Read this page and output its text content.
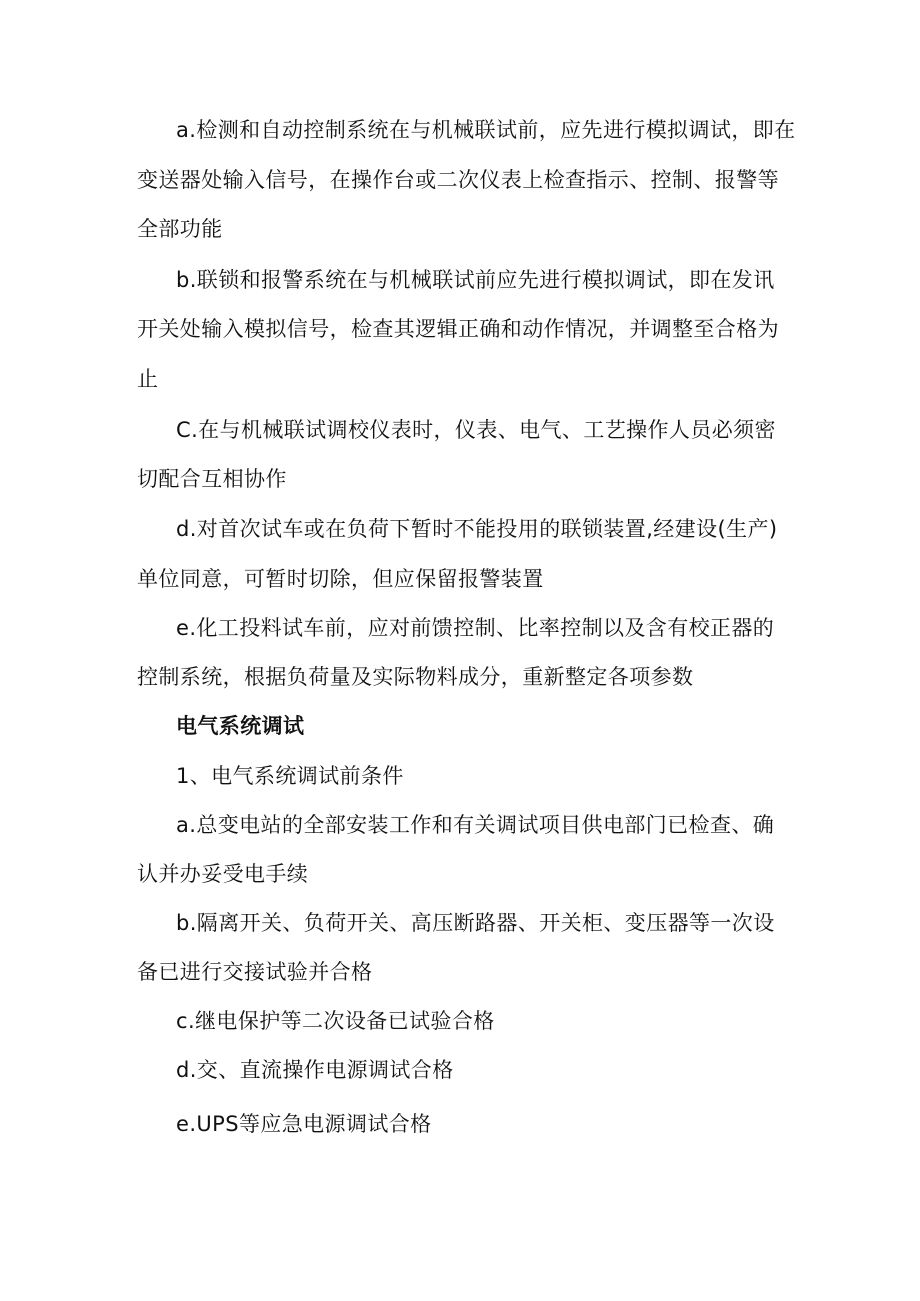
a.检测和自动控制系统在与机械联试前，应先进行模拟调试，即在
变送器处输入信号，在操作台或二次仪表上检查指示、控制、报警等
全部功能
b.联锁和报警系统在与机械联试前应先进行模拟调试，即在发讯
开关处输入模拟信号，检查其逻辑正确和动作情况，并调整至合格为
止
C.在与机械联试调校仪表时，仪表、电气、工艺操作人员必须密
切配合互相协作
d.对首次试车或在负荷下暂时不能投用的联锁装置,经建设(生产)
单位同意，可暂时切除，但应保留报警装置
e.化工投料试车前，应对前馈控制、比率控制以及含有校正器的
控制系统，根据负荷量及实际物料成分，重新整定各项参数
电气系统调试
1、电气系统调试前条件
a.总变电站的全部安装工作和有关调试项目供电部门已检查、确
认并办妥受电手续
b.隔离开关、负荷开关、高压断路器、开关柜、变压器等一次设
备已进行交接试验并合格
c.继电保护等二次设备已试验合格
d.交、直流操作电源调试合格
e.UPS等应急电源调试合格
